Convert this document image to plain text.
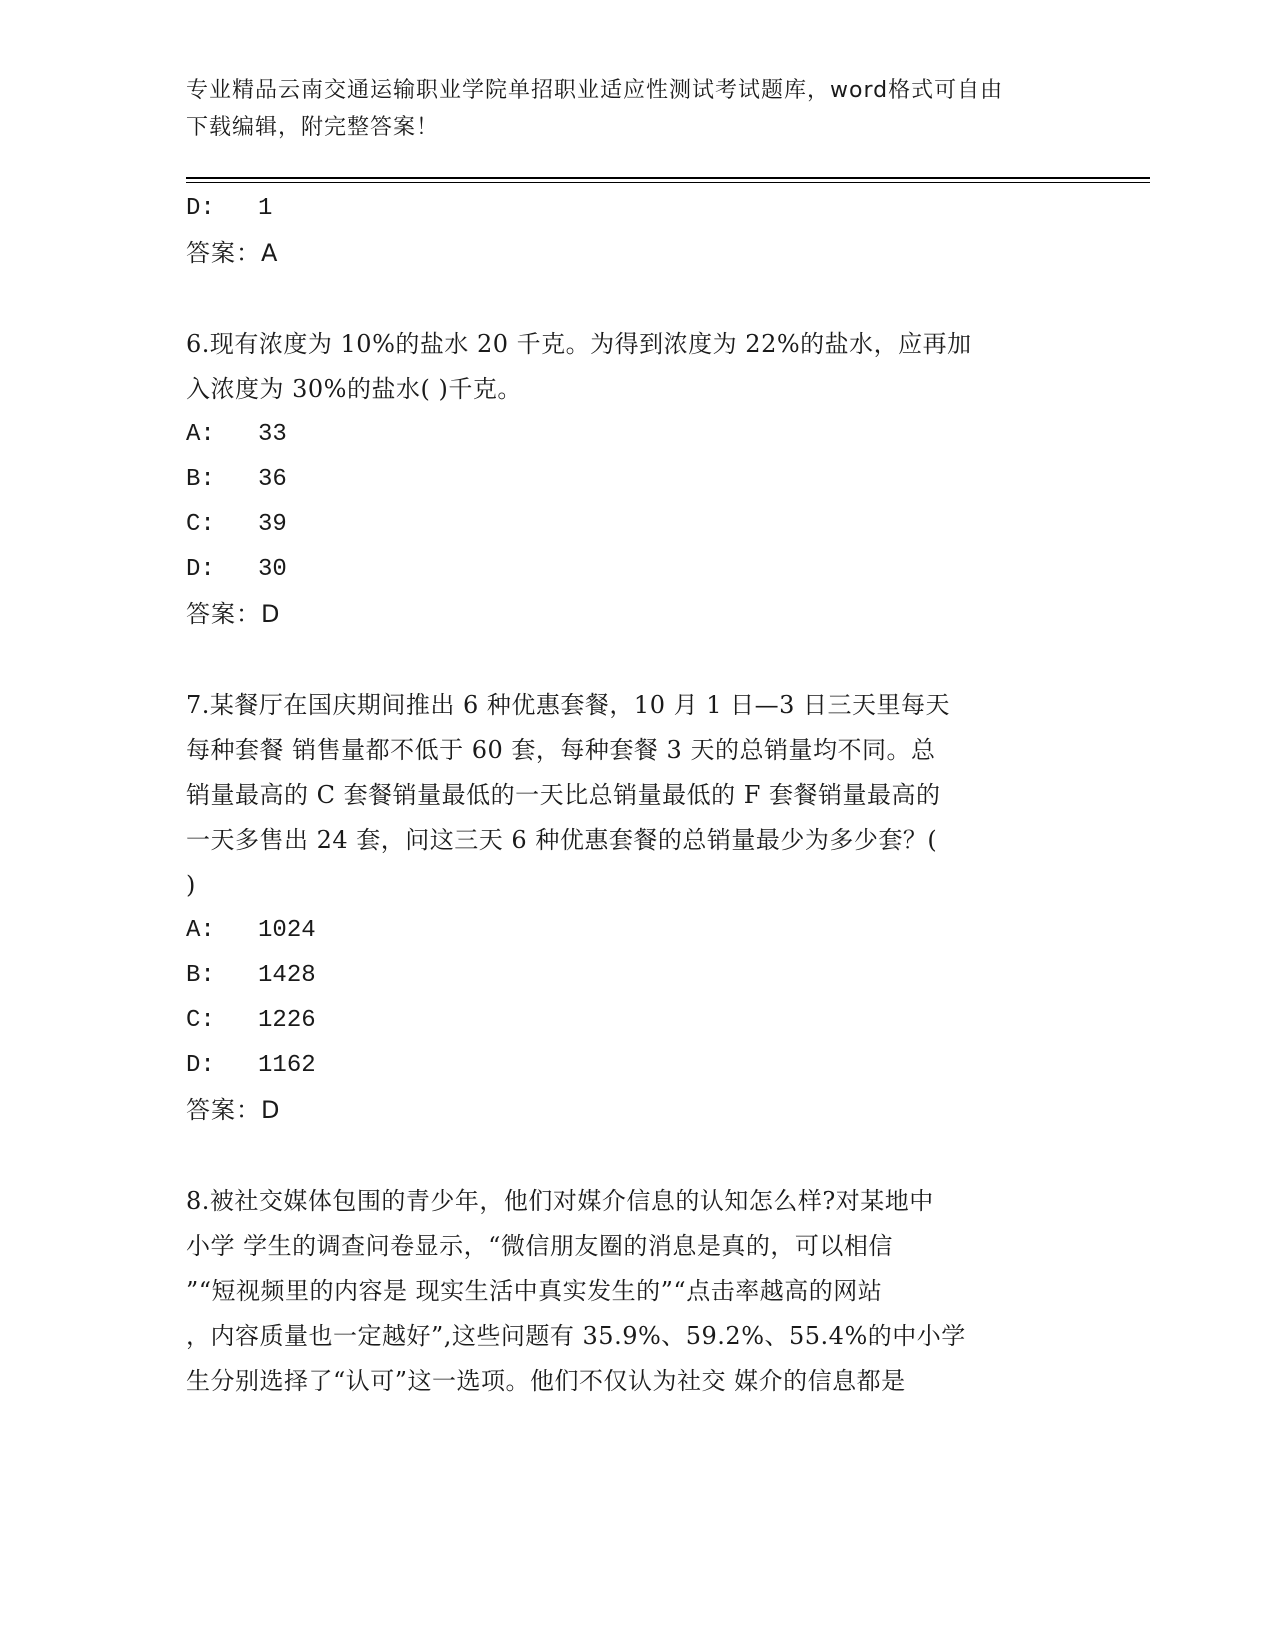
专业精品云南交通运输职业学院单招职业适应性测试考试题库，word格式可自由
下载编辑，附完整答案！
D:   1
答案：A
6.现有浓度为 10%的盐水 20 千克。为得到浓度为 22%的盐水，应再加
入浓度为 30%的盐水( )千克。
A:   33
B:   36
C:   39
D:   30
答案：D
7.某餐厅在国庆期间推出 6 种优惠套餐，10 月 1 日—3 日三天里每天
每种套餐 销售量都不低于 60 套，每种套餐 3 天的总销量均不同。总
销量最高的 C 套餐销量最低的一天比总销量最低的 F 套餐销量最高的
一天多售出 24 套，问这三天 6 种优惠套餐的总销量最少为多少套？(
)
A:   1024
B:   1428
C:   1226
D:   1162
答案：D
8.被社交媒体包围的青少年，他们对媒介信息的认知怎么样?对某地中
小学 学生的调查问卷显示，“微信朋友圈的消息是真的，可以相信
”“短视频里的内容是 现实生活中真实发生的”“点击率越高的网站
，内容质量也一定越好”,这些问题有 35.9%、59.2%、55.4%的中小学
生分别选择了“认可”这一选项。他们不仅认为社交 媒介的信息都是
